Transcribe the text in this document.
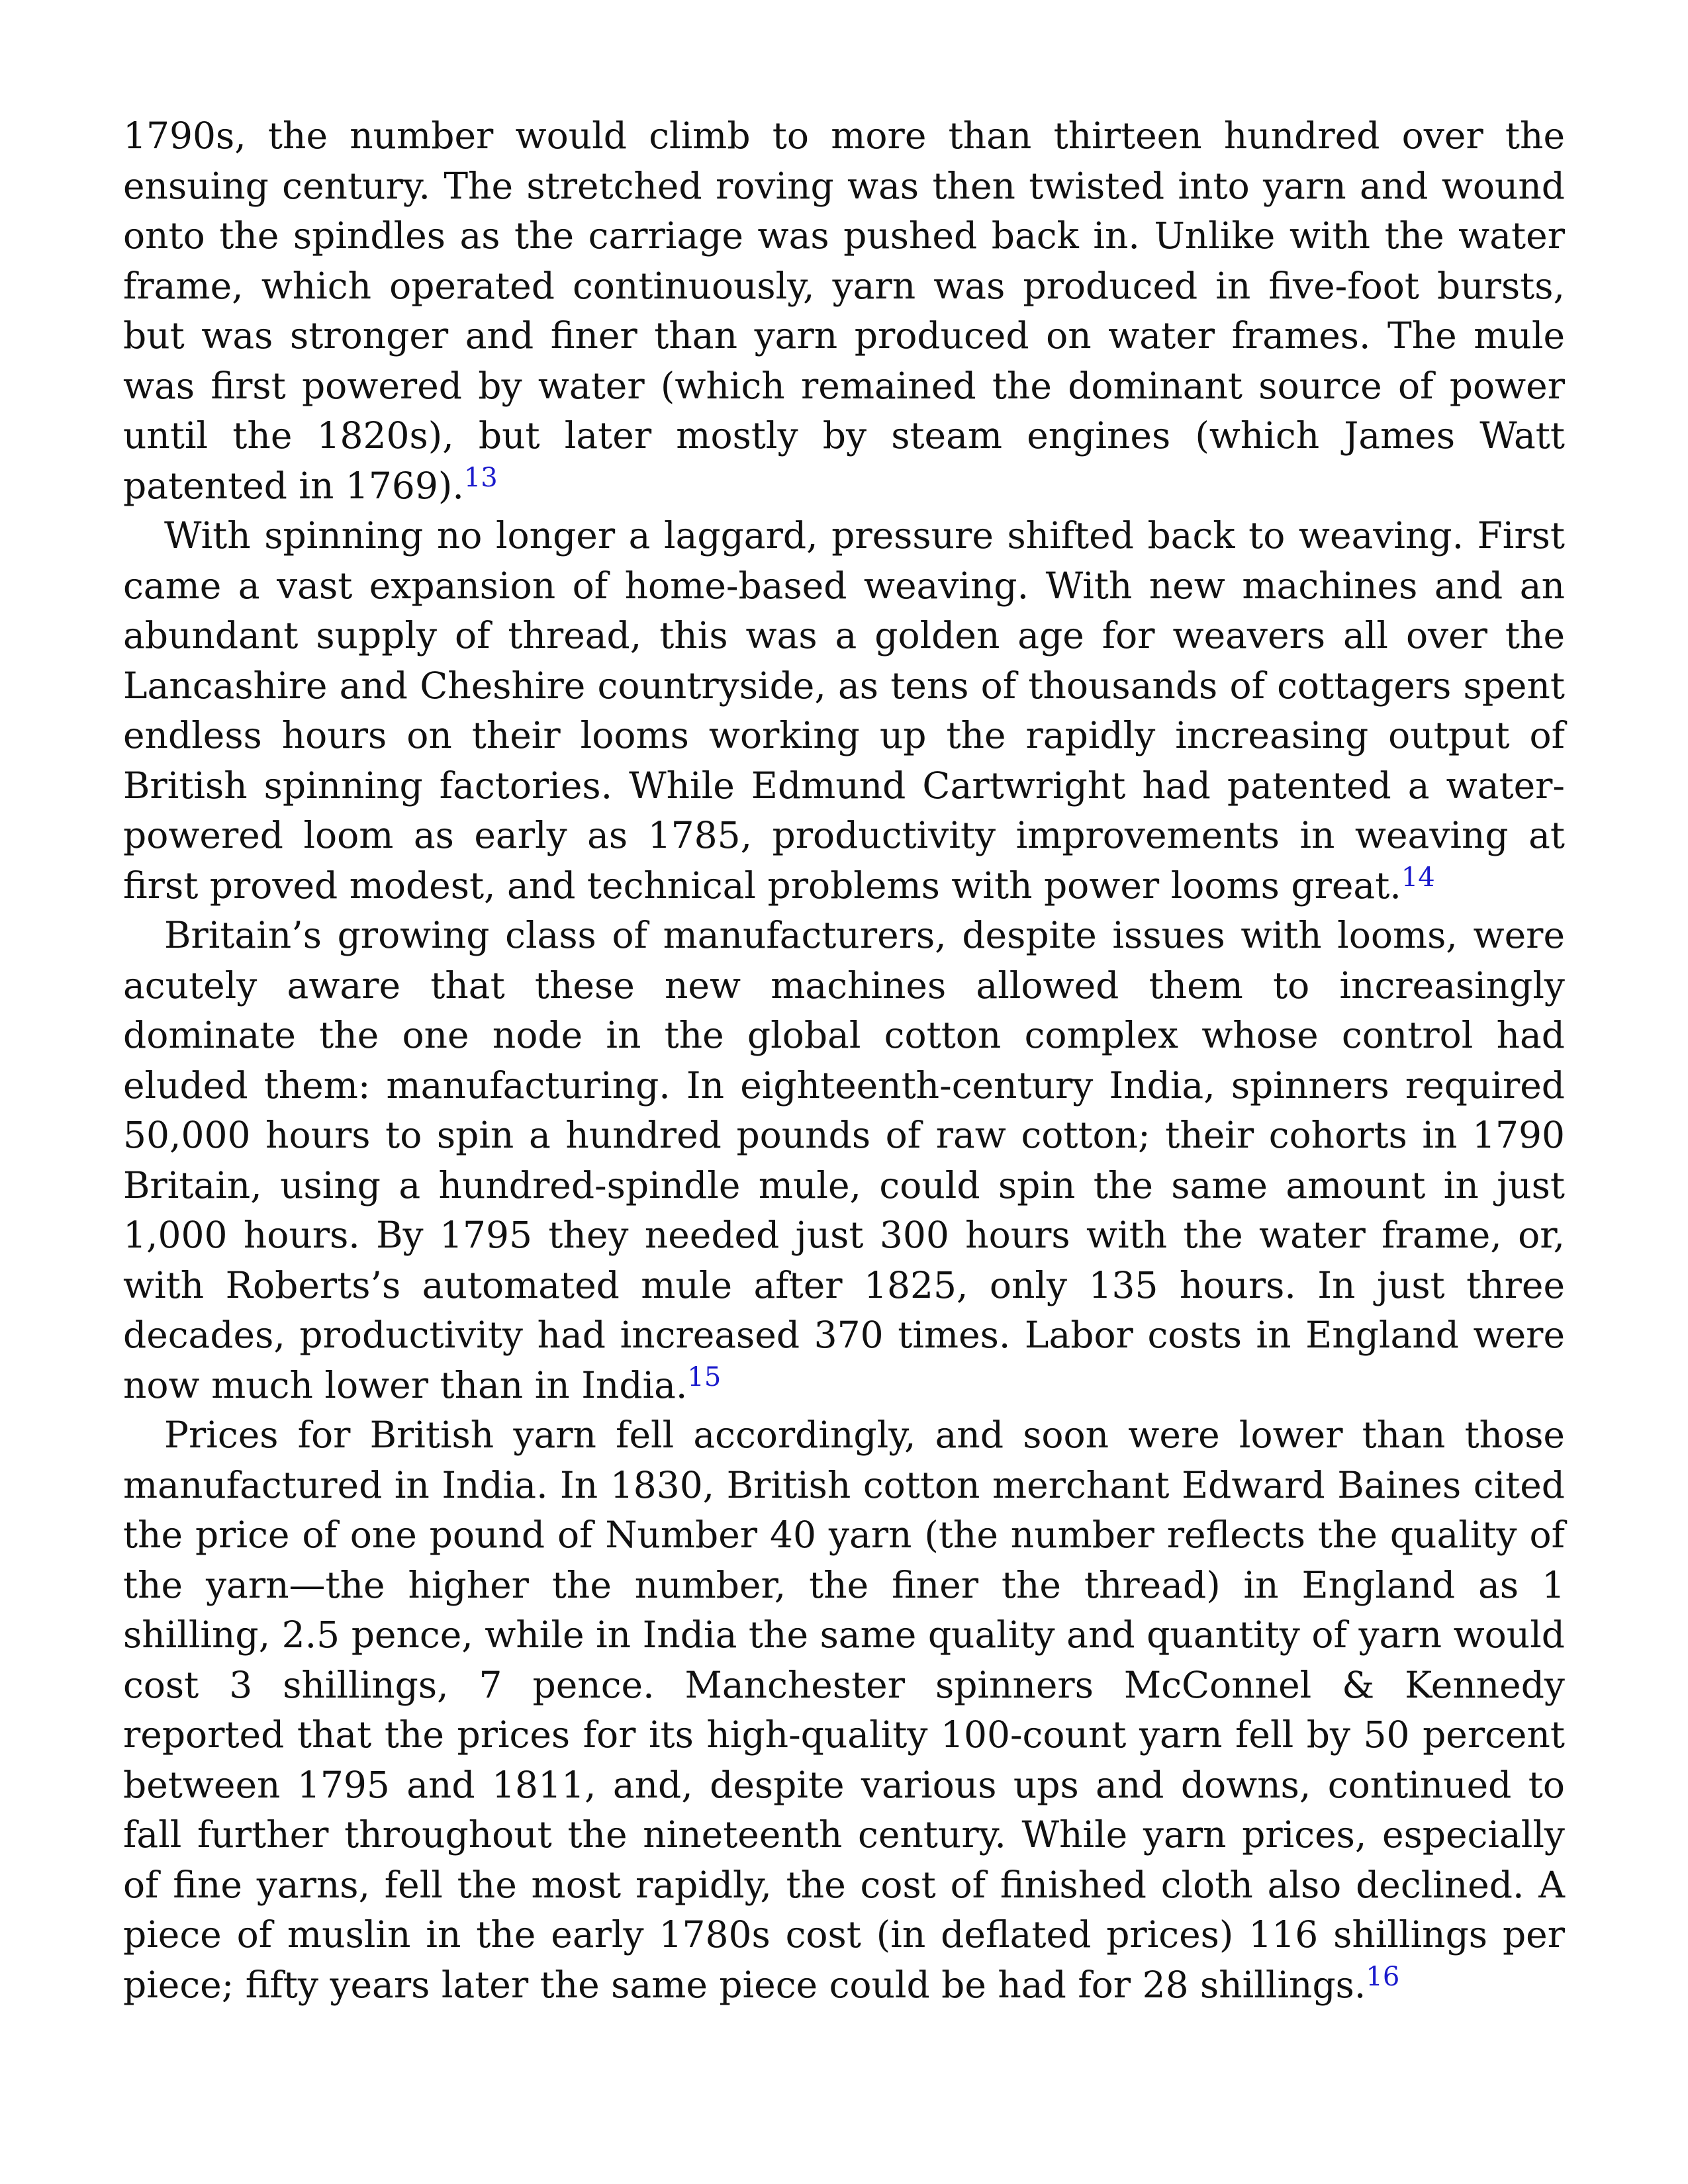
1790s, the number would climb to more than thirteen hundred over the ensuing century. The stretched roving was then twisted into yarn and wound onto the spindles as the carriage was pushed back in. Unlike with the water frame, which operated continuously, yarn was produced in five-foot bursts, but was stronger and finer than yarn produced on water frames. The mule was first powered by water (which remained the dominant source of power until the 1820s), but later mostly by steam engines (which James Watt patented in 1769).$^{13}$

With spinning no longer a laggard, pressure shifted back to weaving. First came a vast expansion of home-based weaving. With new machines and an abundant supply of thread, this was a golden age for weavers all over the Lancashire and Cheshire countryside, as tens of thousands of cottagers spent endless hours on their looms working up the rapidly increasing output of British spinning factories. While Edmund Cartwright had patented a water-powered loom as early as 1785, productivity improvements in weaving at first proved modest, and technical problems with power looms great.$^{14}$

Britain’s growing class of manufacturers, despite issues with looms, were acutely aware that these new machines allowed them to increasingly dominate the one node in the global cotton complex whose control had eluded them: manufacturing. In eighteenth-century India, spinners required 50,000 hours to spin a hundred pounds of raw cotton; their cohorts in 1790 Britain, using a hundred-spindle mule, could spin the same amount in just 1,000 hours. By 1795 they needed just 300 hours with the water frame, or, with Roberts’s automated mule after 1825, only 135 hours. In just three decades, productivity had increased 370 times. Labor costs in England were now much lower than in India.$^{15}$

Prices for British yarn fell accordingly, and soon were lower than those manufactured in India. In 1830, British cotton merchant Edward Baines cited the price of one pound of Number 40 yarn (the number reflects the quality of the yarn—the higher the number, the finer the thread) in England as 1 shilling, 2.5 pence, while in India the same quality and quantity of yarn would cost 3 shillings, 7 pence. Manchester spinners McConnel & Kennedy reported that the prices for its high-quality 100-count yarn fell by 50 percent between 1795 and 1811, and, despite various ups and downs, continued to fall further throughout the nineteenth century. While yarn prices, especially of fine yarns, fell the most rapidly, the cost of finished cloth also declined. A piece of muslin in the early 1780s cost (in deflated prices) 116 shillings per piece; fifty years later the same piece could be had for 28 shillings.$^{16}$
